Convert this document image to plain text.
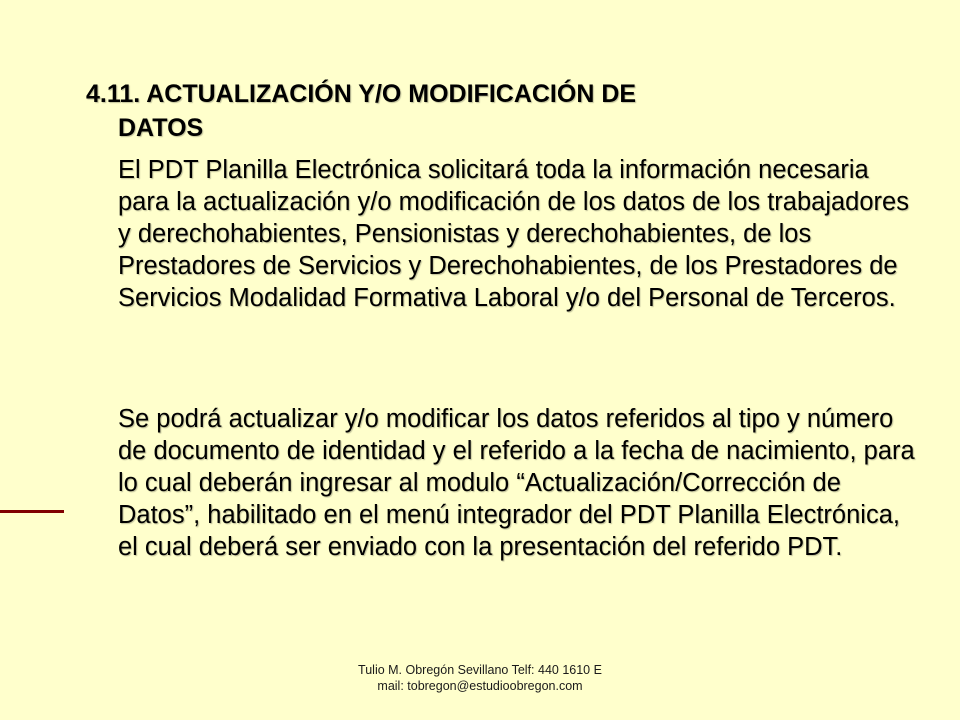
4.11. ACTUALIZACIÓN Y/O MODIFICACIÓN DE
DATOS
El PDT Planilla Electrónica solicitará toda la información necesaria para la actualización y/o modificación de los datos de los trabajadores y derechohabientes, Pensionistas y derechohabientes, de los Prestadores de Servicios y Derechohabientes, de los Prestadores de Servicios Modalidad Formativa Laboral y/o del Personal de Terceros.
Se podrá actualizar y/o modificar los datos referidos al tipo y número de documento de identidad y el referido a la fecha de nacimiento, para lo cual deberán ingresar al modulo “Actualización/Corrección de Datos”, habilitado en el menú integrador del PDT Planilla Electrónica, el cual deberá ser enviado con la presentación del referido PDT.
Tulio M. Obregón Sevillano Telf: 440 1610 E
mail: tobregon@estudioobregon.com
